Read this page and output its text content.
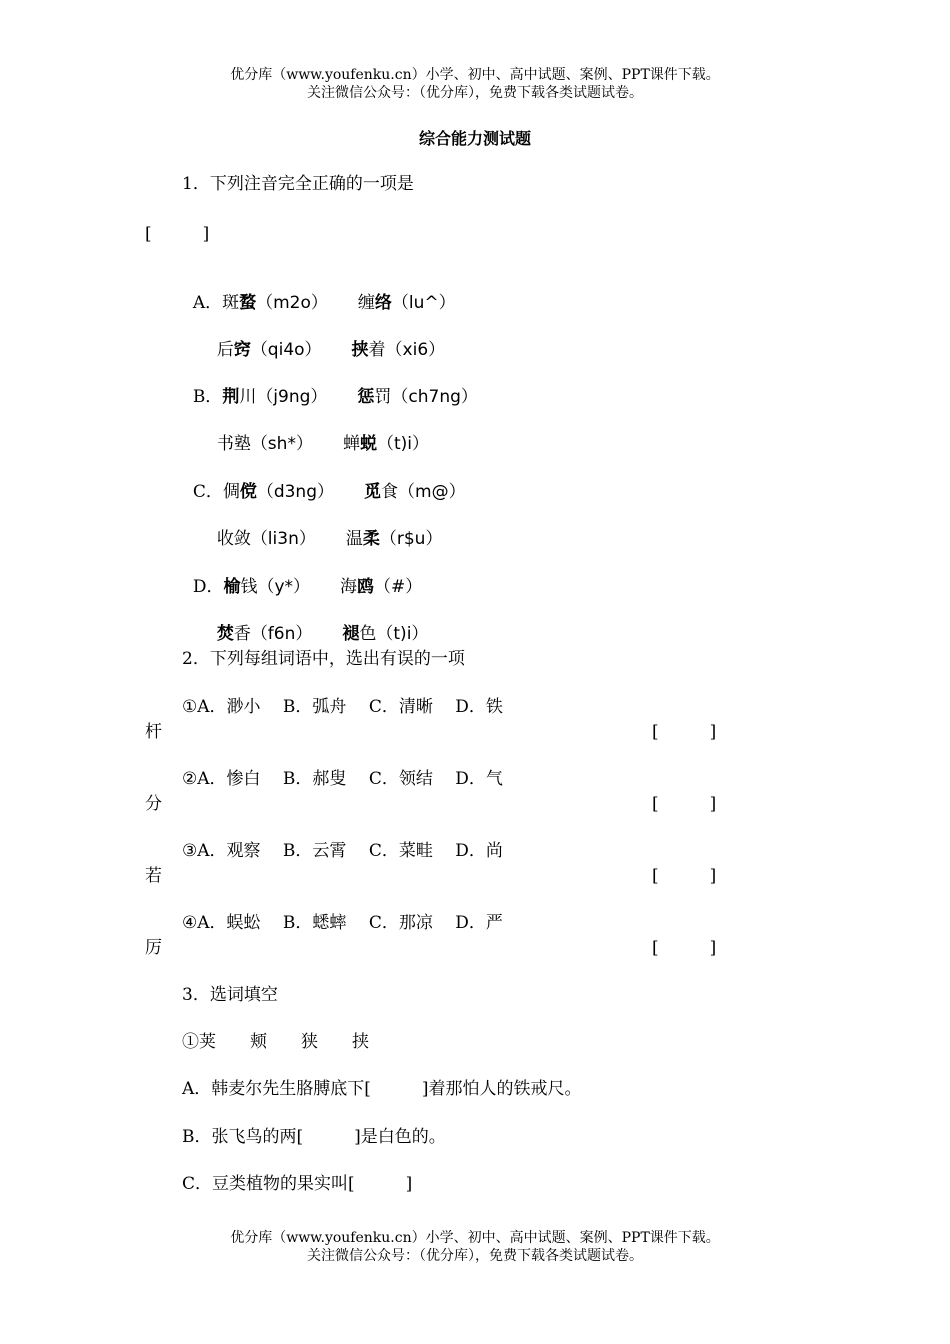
优分库（www.youfenku.cn）小学、初中、高中试题、案例、PPT课件下载。
关注微信公众号：（优分库），免费下载各类试题试卷。
综合能力测试题
1．下列注音完全正确的一项是
[　　　]

A．斑蝥（m2o） 缠络（lu^）

后窍（qi4o） 挟着（xi6）

B．荆川（j9ng） 惩罚（ch7ng）

书塾（sh*） 蝉蜕（t)i）

C．倜傥（d3ng） 觅食（m@）

收敛（li3n） 温柔（r$u）

D．榆钱（y*） 海鸥（#）

焚香（f6n） 褪色（t)i）

2．下列每组词语中，选出有误的一项
①A．渺小　 B．弧舟　 C．清晰　 D．铁
杆	[　　　]
②A．惨白　 B．郝叟　 C．领结　 D．气
分	[　　　]
③A．观察　 B．云霄　 C．菜畦　 D．尚
若	[　　　]
④A．蜈蚣　 B．蟋蟀　 C．那凉　 D．严
厉	[　　　]
3．选词填空
①荚　　颊　　狭　　挟
A．韩麦尔先生胳膊底下[　　　]着那怕人的铁戒尺。
B．张飞鸟的两[　　　]是白色的。
C．豆类植物的果实叫[　　　]
优分库（www.youfenku.cn）小学、初中、高中试题、案例、PPT课件下载。
关注微信公众号：（优分库），免费下载各类试题试卷。
